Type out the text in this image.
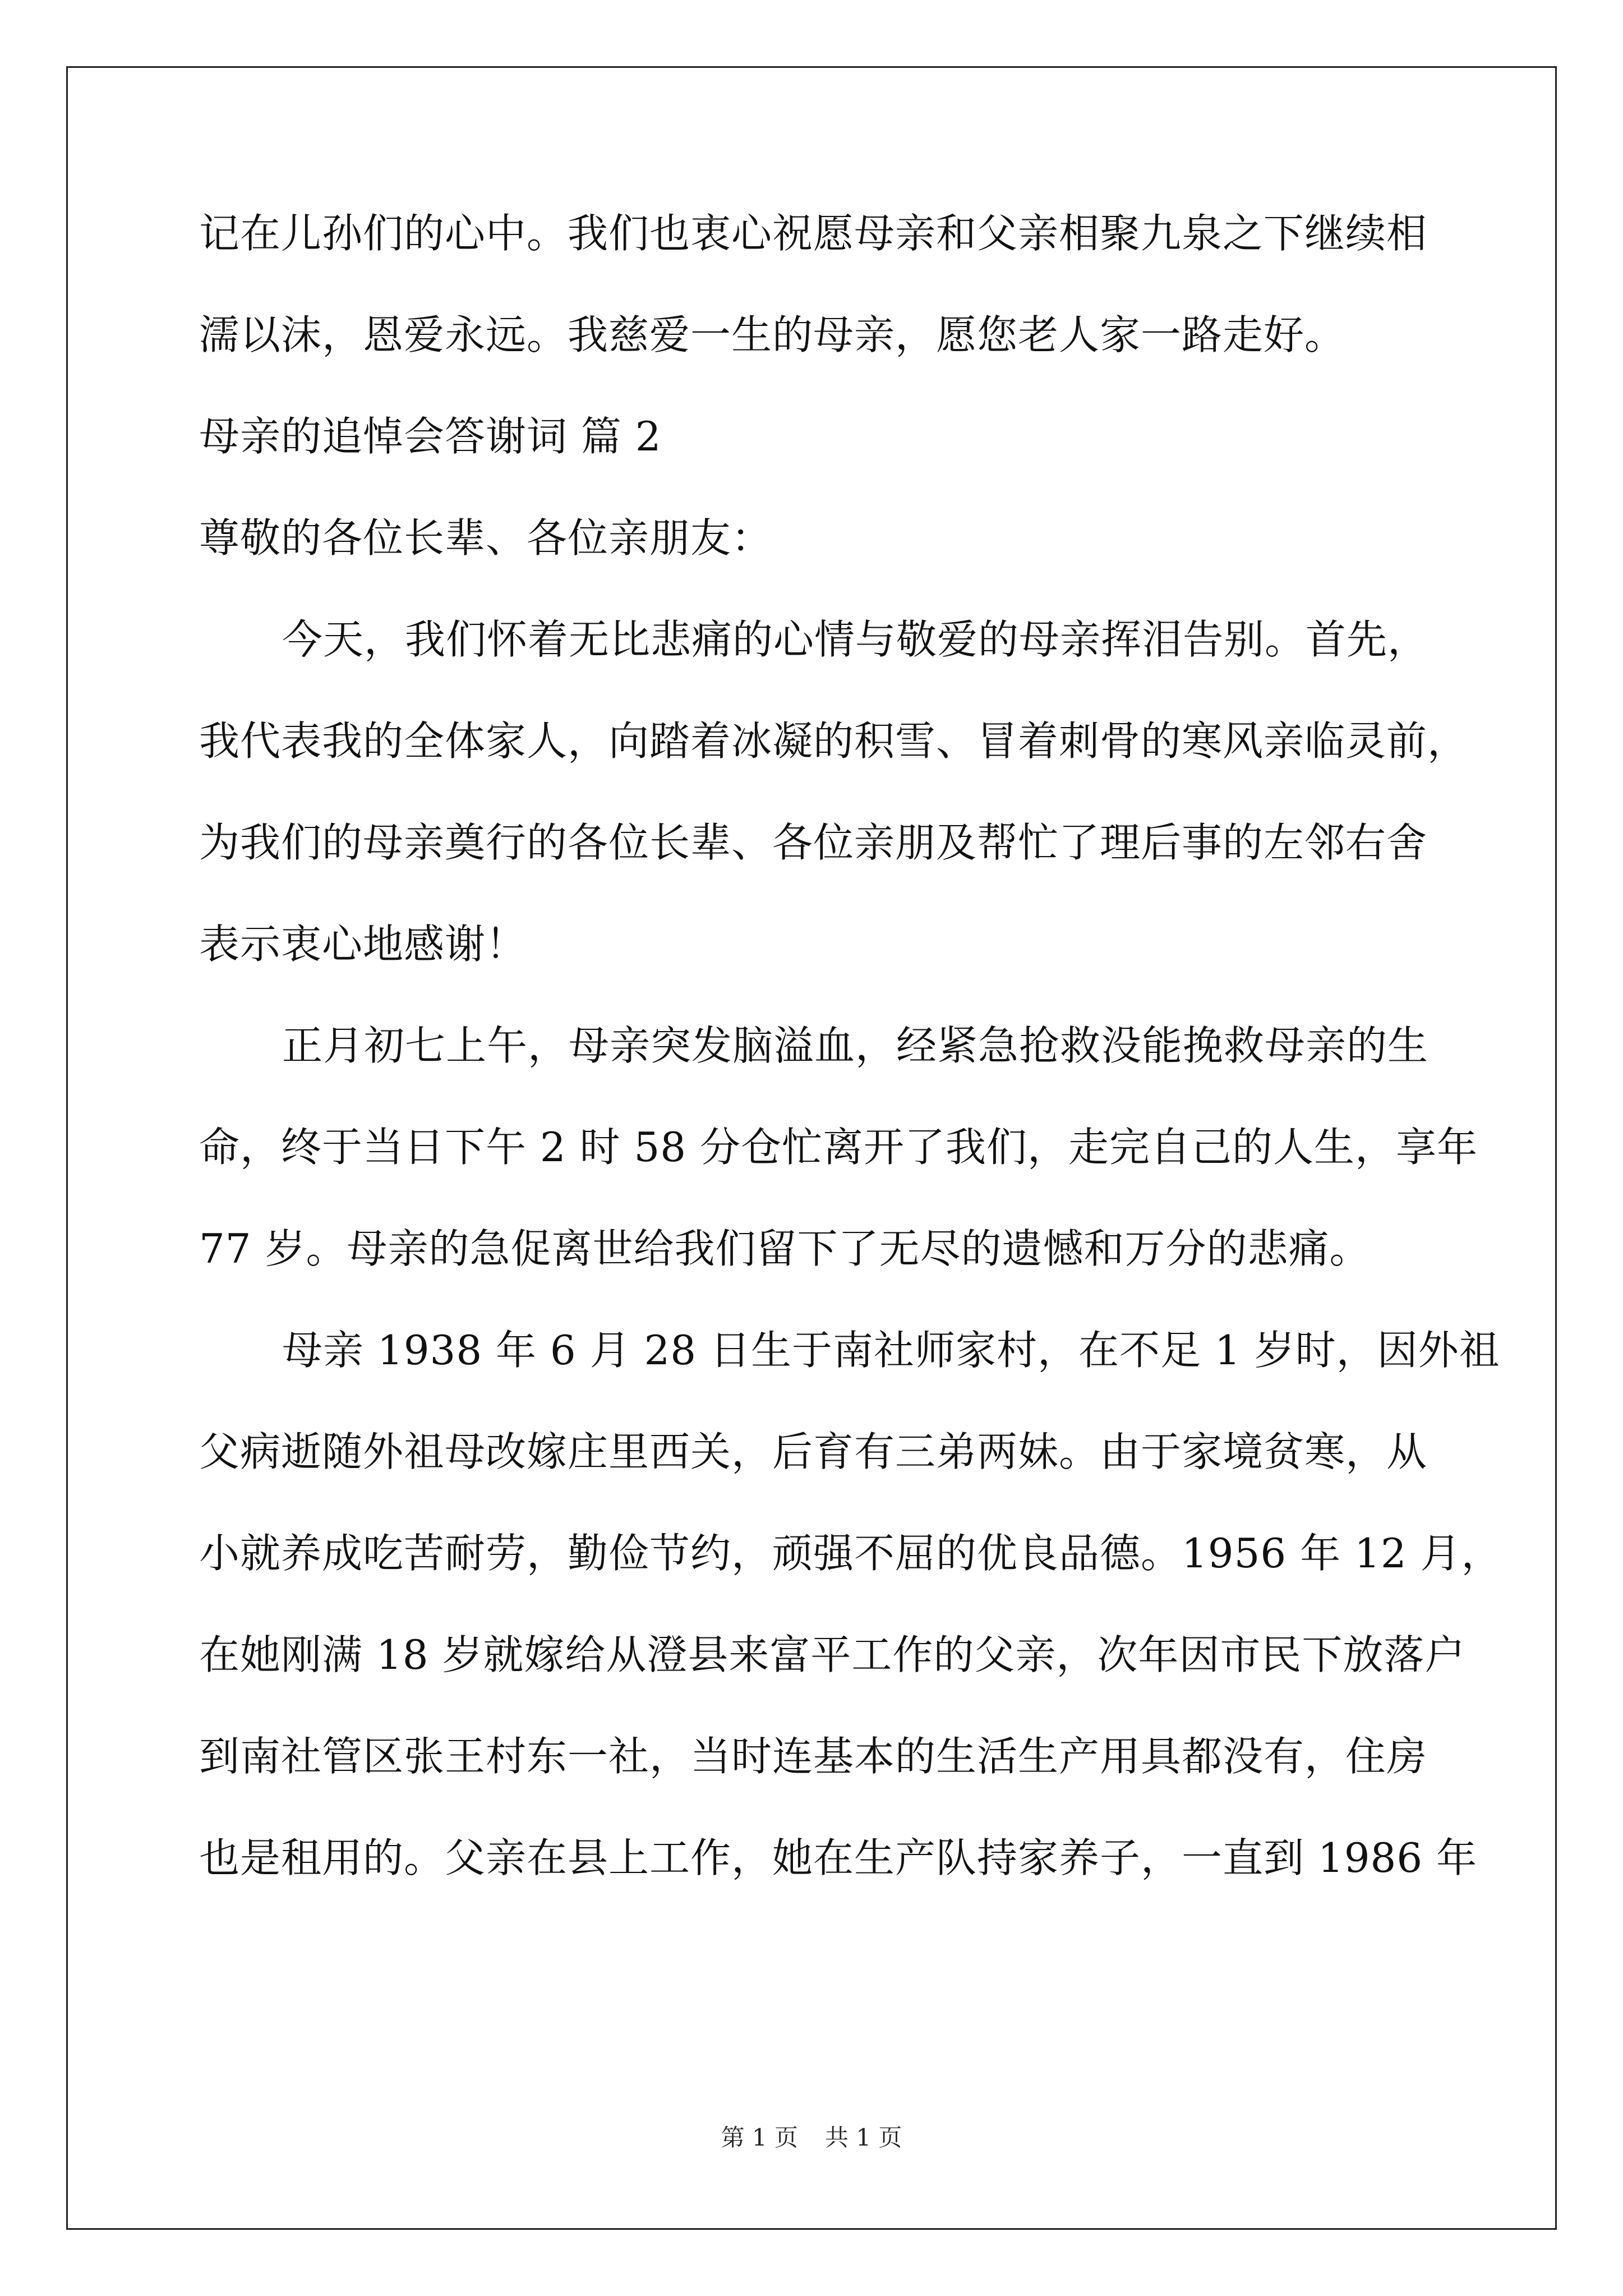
记在儿孙们的心中。我们也衷心祝愿母亲和父亲相聚九泉之下继续相
濡以沫，恩爱永远。我慈爱一生的母亲，愿您老人家一路走好。
母亲的追悼会答谢词 篇 2
尊敬的各位长辈、各位亲朋友：
今天，我们怀着无比悲痛的心情与敬爱的母亲挥泪告别。首先，
我代表我的全体家人，向踏着冰凝的积雪、冒着刺骨的寒风亲临灵前，
为我们的母亲奠行的各位长辈、各位亲朋及帮忙了理后事的左邻右舍
表示衷心地感谢！
正月初七上午，母亲突发脑溢血，经紧急抢救没能挽救母亲的生
命，终于当日下午 2 时 58 分仓忙离开了我们，走完自己的人生，享年
77 岁。母亲的急促离世给我们留下了无尽的遗憾和万分的悲痛。
母亲 1938 年 6 月 28 日生于南社师家村，在不足 1 岁时，因外祖
父病逝随外祖母改嫁庄里西关，后育有三弟两妹。由于家境贫寒，从
小就养成吃苦耐劳，勤俭节约，顽强不屈的优良品德。1956 年 12 月，
在她刚满 18 岁就嫁给从澄县来富平工作的父亲，次年因市民下放落户
到南社管区张王村东一社，当时连基本的生活生产用具都没有，住房
也是租用的。父亲在县上工作，她在生产队持家养子，一直到 1986 年
第 1 页 共 1 页
